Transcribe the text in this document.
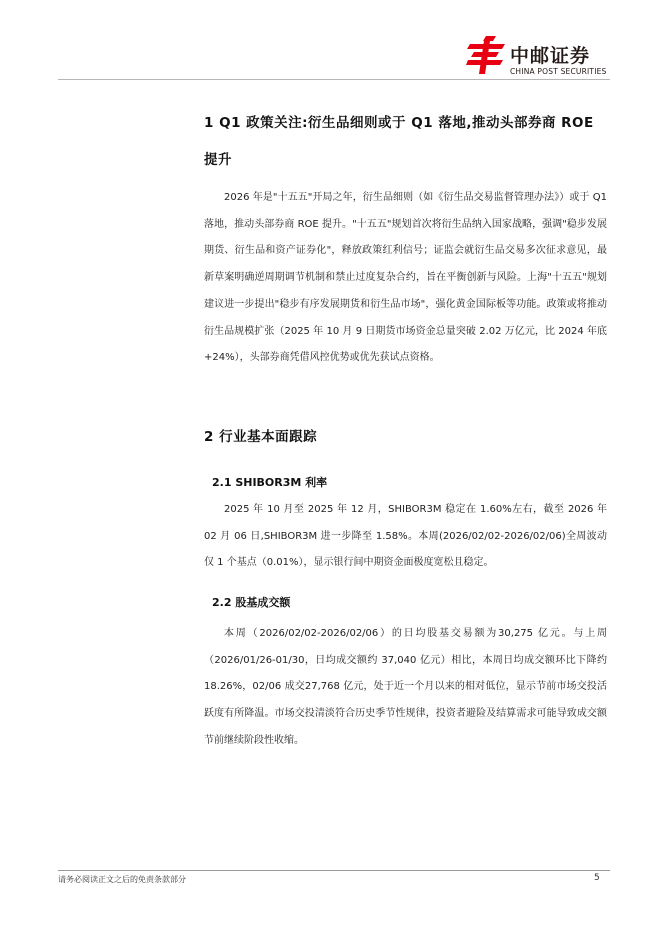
中邮证券
CHINA POST SECURITIES
1 Q1 政策关注:衍生品细则或于 Q1 落地,推动头部券商 ROE
提升

2026 年是"十五五"开局之年，衍生品细则（如《衍生品交易监督管理办法》）或于 Q1 落地，推动头部券商 ROE 提升。"十五五"规划首次将衍生品纳入国家战略，强调"稳步发展期货、衍生品和资产证券化"，释放政策红利信号；证监会就衍生品交易多次征求意见，最新草案明确逆周期调节机制和禁止过度复杂合约，旨在平衡创新与风险。上海"十五五"规划建议进一步提出"稳步有序发展期货和衍生品市场"，强化黄金国际板等功能。政策或将推动衍生品规模扩张（2025 年 10 月 9 日期货市场资金总量突破 2.02 万亿元，比 2024 年底+24%），头部券商凭借风控优势或优先获试点资格。

2 行业基本面跟踪
2.1 SHIBOR3M 利率

2025 年 10 月至 2025 年 12 月，SHIBOR3M 稳定在 1.60%左右，截至 2026 年 02 月 06 日,SHIBOR3M 进一步降至 1.58%。本周(2026/02/02-2026/02/06)全周波动仅 1 个基点（0.01%），显示银行间中期资金面极度宽松且稳定。

2.2 股基成交额

本周（2026/02/02-2026/02/06）的日均股基交易额为30,275 亿元。与上周（2026/01/26-01/30，日均成交额约 37,040 亿元）相比，本周日均成交额环比下降约 18.26%，02/06 成交27,768 亿元，处于近一个月以来的相对低位，显示节前市场交投活跃度有所降温。市场交投清淡符合历史季节性规律，投资者避险及结算需求可能导致成交额节前继续阶段性收缩。

请务必阅读正文之后的免责条款部分	5
